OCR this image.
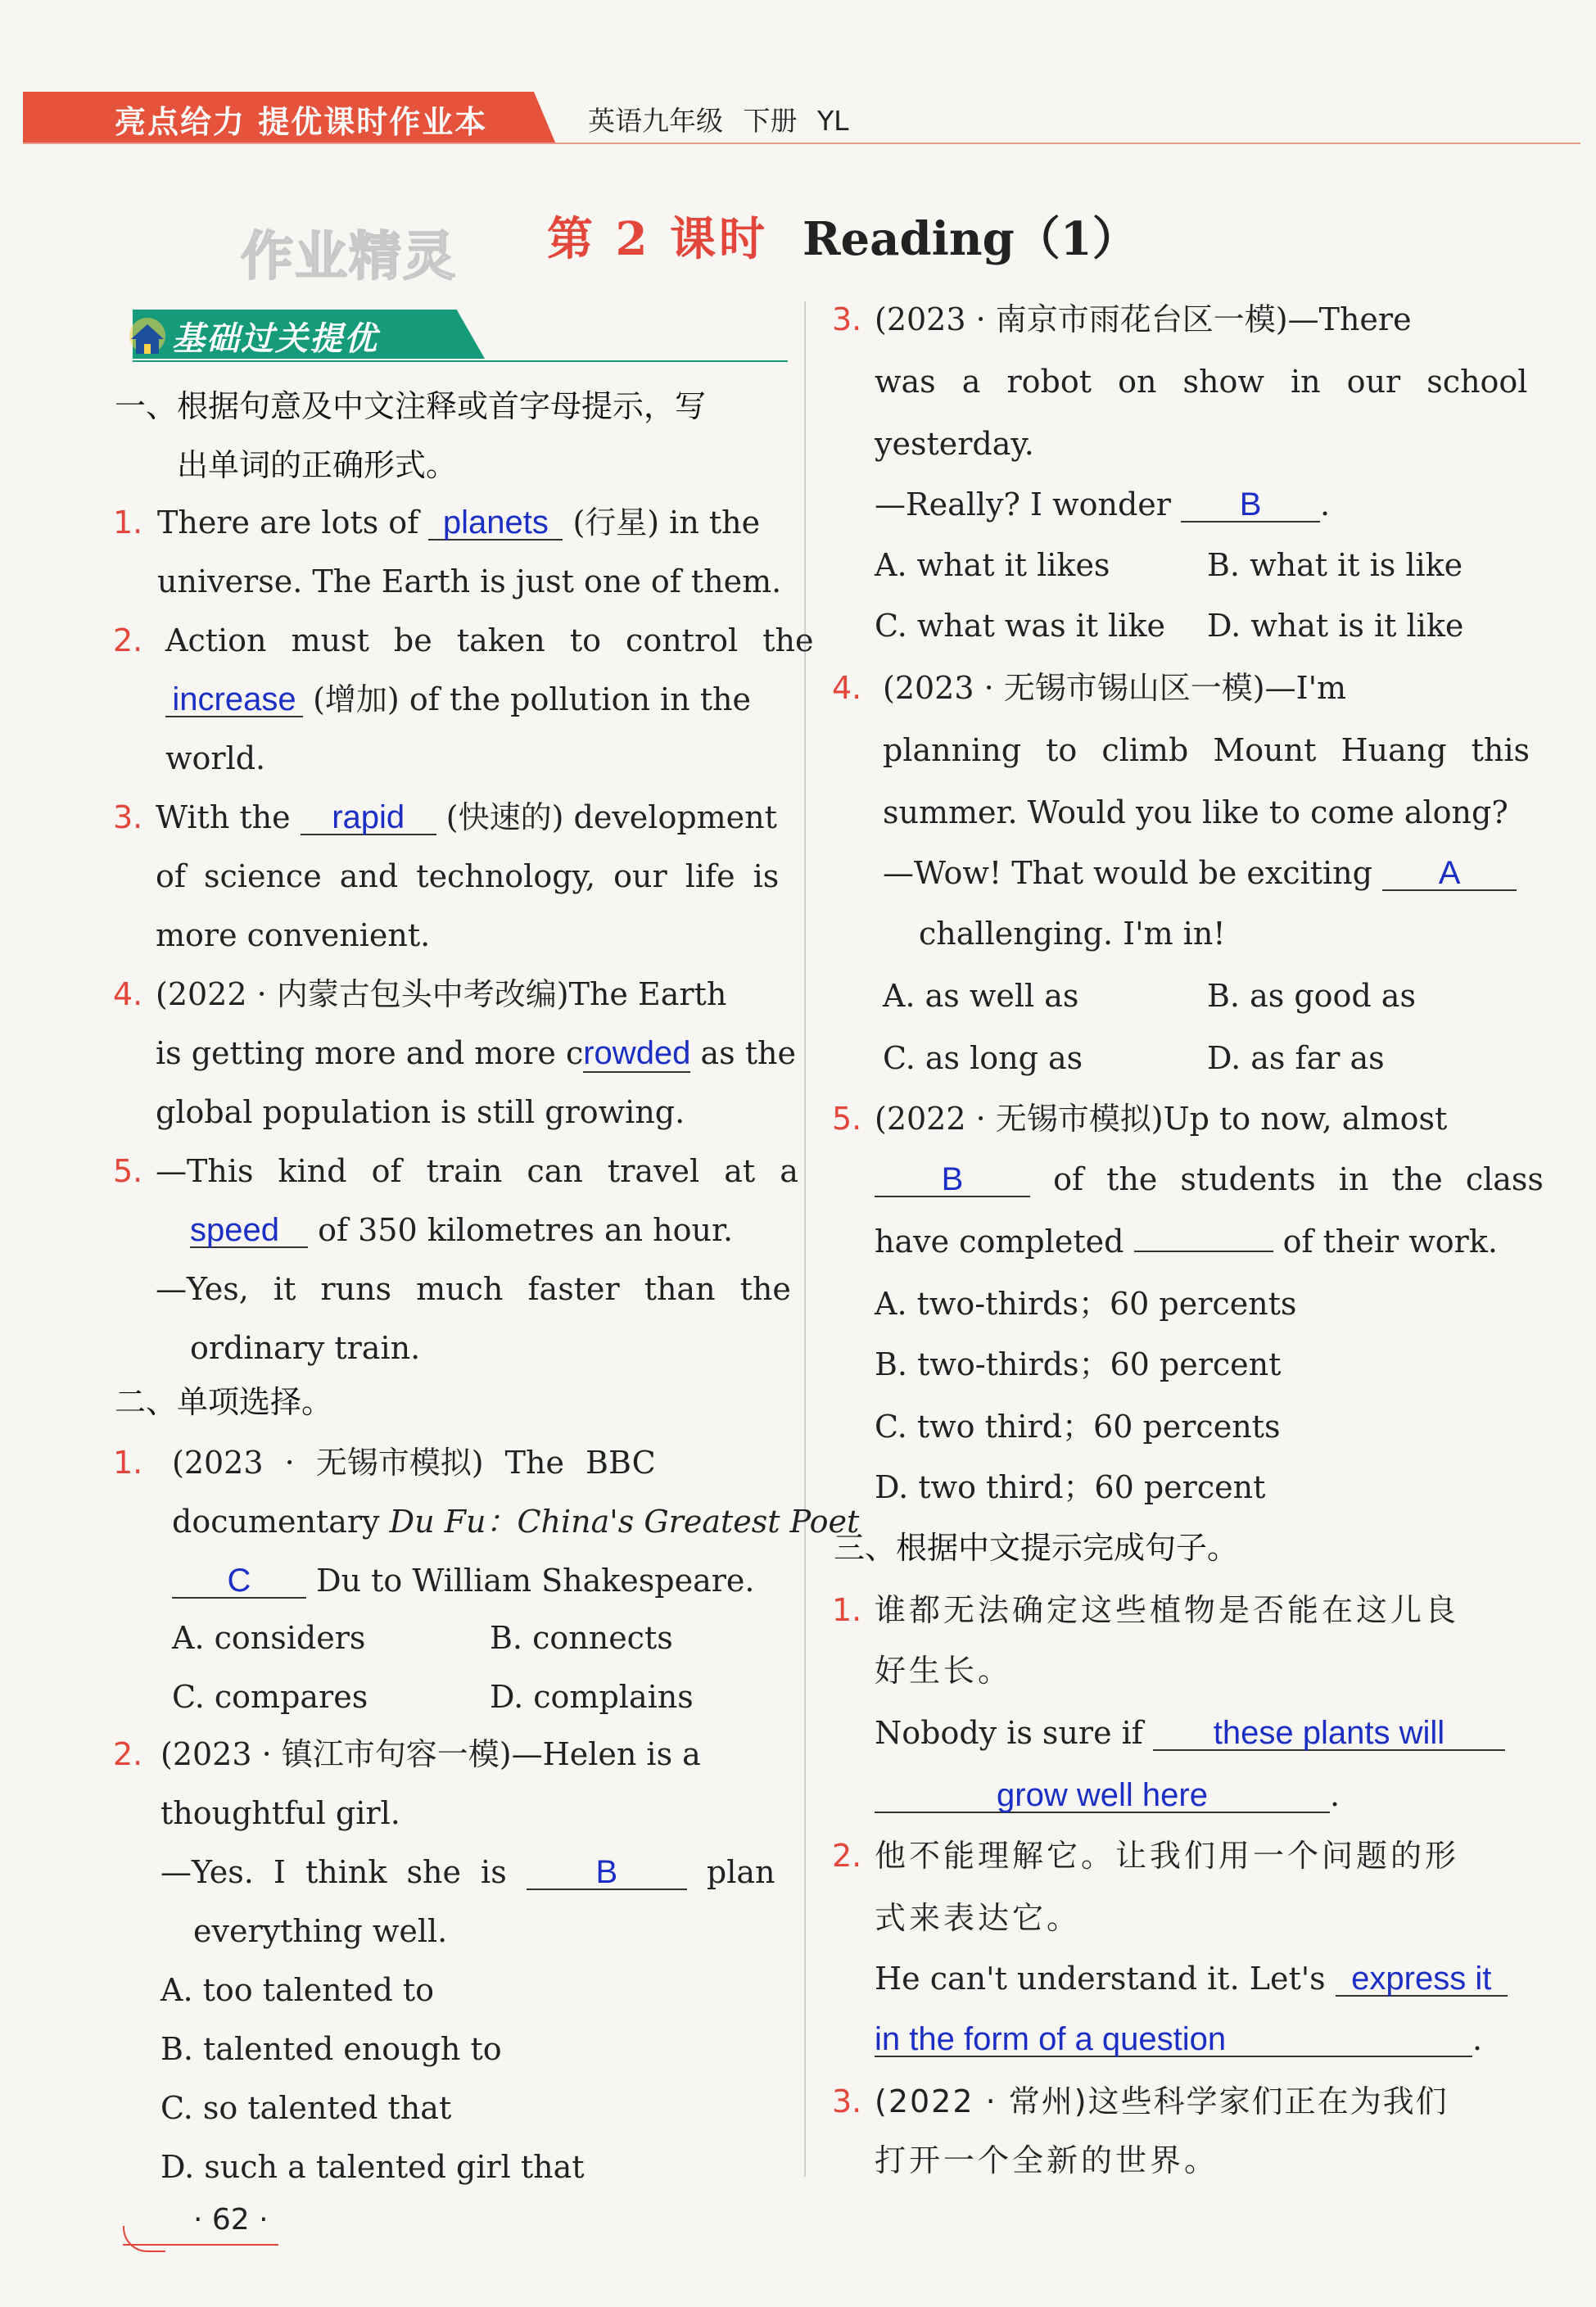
亮点给力 提优课时作业本	英语九年级 下册 YL
作业精灵 第 2 课时 Reading（1）
基础过关提优
一、根据句意及中文注释或首字母提示，写
出单词的正确形式。
1. There are lots of planets (行星) in the
universe. The Earth is just one of them.
2. Action must be taken to control the
increase (增加) of the pollution in the
world.
3. With the rapid (快速的) development
of science and technology, our life is
more convenient.
4. (2022 · 内蒙古包头中考改编)The Earth
is getting more and more crowded as the
global population is still growing.
5. —This kind of train can travel at a
speed of 350 kilometres an hour.
—Yes, it runs much faster than the
ordinary train.
二、单项选择。
1. (2023 · 无锡市模拟) The BBC
documentary Du Fu：China's Greatest Poet
C Du to William Shakespeare.
A. considers	B. connects
C. compares	D. complains
2. (2023 · 镇江市句容一模)—Helen is a
thoughtful girl.
—Yes. I think she is	B	plan
everything well.
A. too talented to
B. talented enough to
C. so talented that
D. such a talented girl that
3. (2023 · 南京市雨花台区一模)—There
was a robot on show in our school
yesterday.
—Really? I wonder B .
A. what it likes	B. what it is like
C. what was it like D. what is it like
4. (2023 · 无锡市锡山区一模)—I'm
planning to climb Mount Huang this
summer. Would you like to come along?
—Wow! That would be exciting A
challenging. I'm in!
A. as well as	B. as good as
C. as long as	D. as far as
5. (2022 · 无锡市模拟)Up to now, almost
B	of the students in the class
have completed	of their work.
A. two-thirds；60 percents
B. two-thirds；60 percent
C. two third；60 percents
D. two third；60 percent
三、根据中文提示完成句子。
1. 谁都无法确定这些植物是否能在这儿良
好生长。
Nobody is sure if these plants will
grow well here	.
2. 他不能理解它。让我们用一个问题的形
式来表达它。
He can't understand it. Let's express it
in the form of a question	.
3. (2022 · 常州)这些科学家们正在为我们
打开一个全新的世界。
· 62 ·
